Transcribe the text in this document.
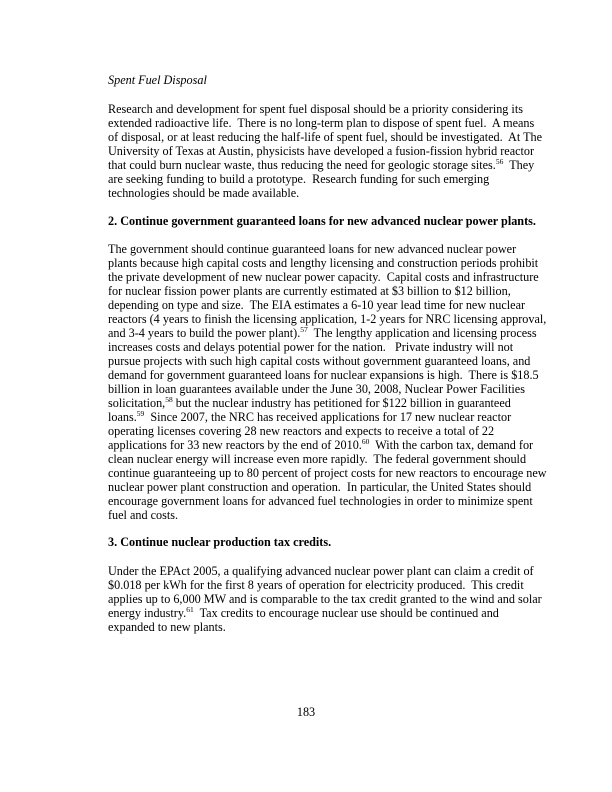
Spent Fuel Disposal
Research and development for spent fuel disposal should be a priority considering its
extended radioactive life.  There is no long-term plan to dispose of spent fuel.  A means
of disposal, or at least reducing the half-life of spent fuel, should be investigated.  At The
University of Texas at Austin, physicists have developed a fusion-fission hybrid reactor
that could burn nuclear waste, thus reducing the need for geologic storage sites.$^{56}$  They
are seeking funding to build a prototype.  Research funding for such emerging
technologies should be made available.
2. Continue government guaranteed loans for new advanced nuclear power plants.
The government should continue guaranteed loans for new advanced nuclear power
plants because high capital costs and lengthy licensing and construction periods prohibit
the private development of new nuclear power capacity.  Capital costs and infrastructure
for nuclear fission power plants are currently estimated at $3 billion to $12 billion,
depending on type and size.  The EIA estimates a 6-10 year lead time for new nuclear
reactors (4 years to finish the licensing application, 1-2 years for NRC licensing approval,
and 3-4 years to build the power plant).$^{57}$  The lengthy application and licensing process
increases costs and delays potential power for the nation.   Private industry will not
pursue projects with such high capital costs without government guaranteed loans, and
demand for government guaranteed loans for nuclear expansions is high.  There is $18.5
billion in loan guarantees available under the June 30, 2008, Nuclear Power Facilities
solicitation,$^{58}$ but the nuclear industry has petitioned for $122 billion in guaranteed
loans.$^{59}$  Since 2007, the NRC has received applications for 17 new nuclear reactor
operating licenses covering 28 new reactors and expects to receive a total of 22
applications for 33 new reactors by the end of 2010.60  With the carbon tax, demand for
clean nuclear energy will increase even more rapidly.  The federal government should
continue guaranteeing up to 80 percent of project costs for new reactors to encourage new
nuclear power plant construction and operation.  In particular, the United States should
encourage government loans for advanced fuel technologies in order to minimize spent
fuel and costs.
3. Continue nuclear production tax credits.
Under the EPAct 2005, a qualifying advanced nuclear power plant can claim a credit of
$0.018 per kWh for the first 8 years of operation for electricity produced.  This credit
applies up to 6,000 MW and is comparable to the tax credit granted to the wind and solar
energy industry.$^{61}$  Tax credits to encourage nuclear use should be continued and
expanded to new plants.
183
